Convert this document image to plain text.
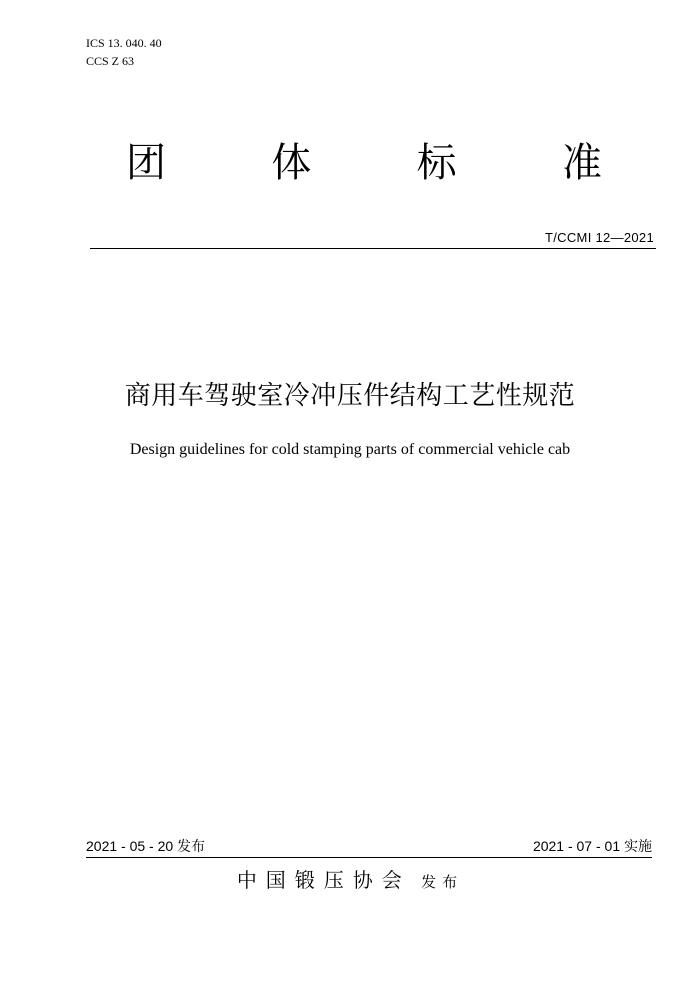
ICS 13. 040. 40
CCS Z 63
团	体	标	准
T/CCMI 12—2021
商用车驾驶室冷冲压件结构工艺性规范
Design guidelines for cold stamping parts of commercial vehicle cab
2021 - 05 - 20 发布	2021 - 07 - 01 实施
中国锻压协会 发布
